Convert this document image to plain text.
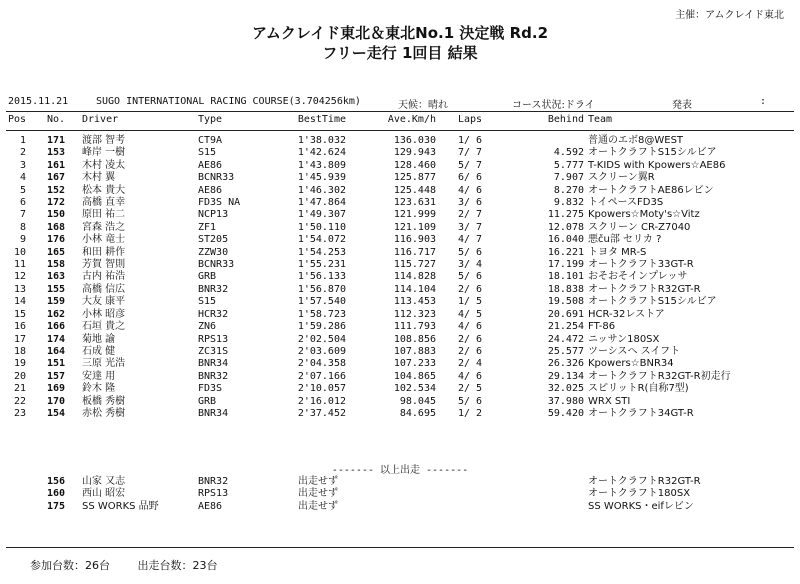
主催：アムクレイド東北
アムクレイド東北＆東北No.1 決定戦 Rd.2
フリー走行 1回目 結果
2015.11.21	SUGO INTERNATIONAL RACING COURSE(3.704256km)	天候：晴れ	コース状況:ドライ	発表	:
Pos	No. Driver	Type	BestTime	Ave.Km/h	Laps	Behind Team
1	171 渡部 智考	CT9A	1'38.032	136.030	1/ 6	普通のエボ8@WEST
2	153 峰岸 一樹	S15	1'42.624	129.943	7/ 7	4.592 オートクラフトS15シルビア
3	161 木村 凌太	AE86	1'43.809	128.460	5/ 7	5.777 T-KIDS with Kpowers☆AE86
4	167 木村 翼	BCNR33	1'45.939	125.877	6/ 6	7.907 スクリーン翼R
5	152 松本 貴大	AE86	1'46.302	125.448	4/ 6	8.270 オートクラフトAE86レビン
6	172 高橋 直幸	FD3S NA	1'47.864	123.631	3/ 6	9.832 トイペースFD3S
7	150 原田 祐二	NCP13	1'49.307	121.999	2/ 7	11.275 Kpowers☆Moty's☆Vitz
8	168 宮森 浩之	ZF1	1'50.110	121.109	3/ 7	12.078 スクリーン CR-Z7040
9	176 小林 竜士	ST205	1'54.072	116.903	4/ 7	16.040 悪ču部 セリカ ?
10	165 和田 耕作	ZZW30	1'54.253	116.717	5/ 6	16.221 トヨタ MR-S
11	158 芳賀 智則	BCNR33	1'55.231	115.727	3/ 4	17.199 オートクラフト33GT-R
12	163 古内 祐浩	GRB	1'56.133	114.828	5/ 6	18.101 おそおそインプレッサ
13	155 高橋 信広	BNR32	1'56.870	114.104	2/ 6	18.838 オートクラフトR32GT-R
14	159 大友 康平	S15	1'57.540	113.453	1/ 5	19.508 オートクラフトS15シルビア
15	162 小林 昭彦	HCR32	1'58.723	112.323	4/ 5	20.691 HCR-32レストア
16	166 石垣 貴之	ZN6	1'59.286	111.793	4/ 6	21.254 FT-86
17	174 菊地 諭	RPS13	2'02.504	108.856	2/ 6	24.472 ニッサン180SX
18	164 石成 健	ZC31S	2'03.609	107.883	2/ 6	25.577 ツーシスへ スイフト
19	151 三原 光浩	BNR34	2'04.358	107.233	2/ 4	26.326 Kpowers☆BNR34
20	157 安達 用	BNR32	2'07.166	104.865	4/ 6	29.134 オートクラフトR32GT-R初走行
21	169 鈴木 隆	FD3S	2'10.057	102.534	2/ 5	32.025 スピリットR(自称7型)
22	170 板橋 秀樹	GRB	2'16.012	98.045	5/ 6	37.980 WRX STI
23	154 赤松 秀樹	BNR34	2'37.452	84.695	1/ 2	59.420 オートクラフト34GT-R
------- 以上出走 -------
156 山家 又志	BNR32	出走せず	オートクラフトR32GT-R
160 西山 昭宏	RPS13	出走せず	オートクラフト180SX
175 SS WORKS 品野	AE86	出走せず	SS WORKS・eifレビン
参加台数：26台	出走台数：23台
